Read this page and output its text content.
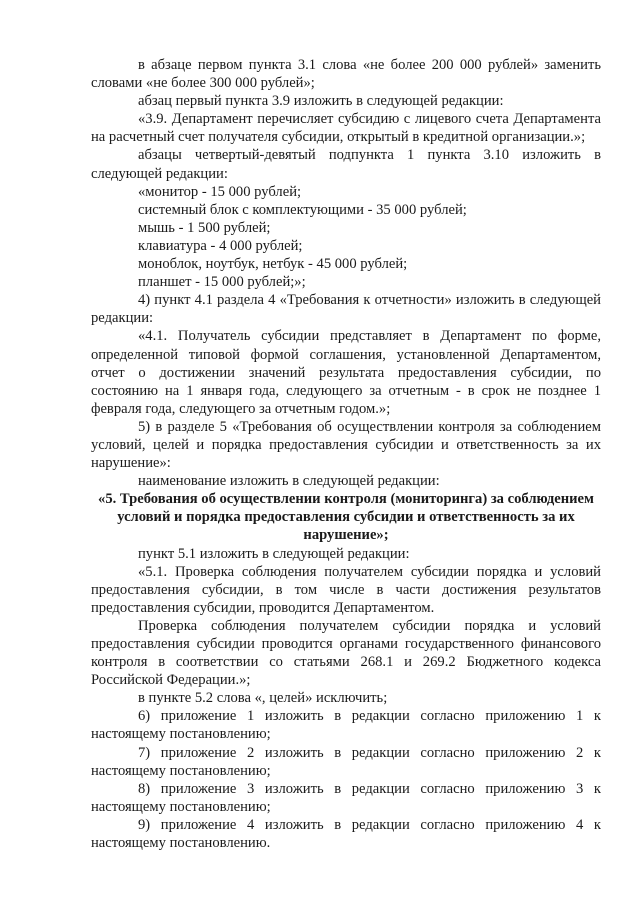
в абзаце первом пункта 3.1 слова «не более 200 000 рублей» заменить словами «не более 300 000 рублей»;

абзац первый пункта 3.9 изложить в следующей редакции:

«3.9. Департамент перечисляет субсидию с лицевого счета Департамента на расчетный счет получателя субсидии, открытый в кредитной организации.»;

абзацы четвертый-девятый подпункта 1 пункта 3.10 изложить в следующей редакции:

«монитор - 15 000 рублей;

системный блок с комплектующими - 35 000 рублей;

мышь - 1 500 рублей;

клавиатура - 4 000 рублей;

моноблок, ноутбук, нетбук - 45 000 рублей;

планшет - 15 000 рублей;»;

4) пункт 4.1 раздела 4 «Требования к отчетности» изложить в следующей редакции:

«4.1. Получатель субсидии представляет в Департамент по форме, определенной типовой формой соглашения, установленной Департаментом, отчет о достижении значений результата предоставления субсидии, по состоянию на 1 января года, следующего за отчетным - в срок не позднее 1 февраля года, следующего за отчетным годом.»;

5) в разделе 5 «Требования об осуществлении контроля за соблюдением условий, целей и порядка предоставления субсидии и ответственность за их нарушение»:

наименование изложить в следующей редакции:

«5. Требования об осуществлении контроля (мониторинга) за соблюдением условий и порядка предоставления субсидии и ответственность за их нарушение»;

пункт 5.1 изложить в следующей редакции:

«5.1. Проверка соблюдения получателем субсидии порядка и условий предоставления субсидии, в том числе в части достижения результатов предоставления субсидии, проводится Департаментом.

Проверка соблюдения получателем субсидии порядка и условий предоставления субсидии проводится органами государственного финансового контроля в соответствии со статьями 268.1 и 269.2 Бюджетного кодекса Российской Федерации.»;

в пункте 5.2 слова «, целей» исключить;

6) приложение 1 изложить в редакции согласно приложению 1 к настоящему постановлению;

7) приложение 2 изложить в редакции согласно приложению 2 к настоящему постановлению;

8) приложение 3 изложить в редакции согласно приложению 3 к настоящему постановлению;

9) приложение 4 изложить в редакции согласно приложению 4 к настоящему постановлению.
